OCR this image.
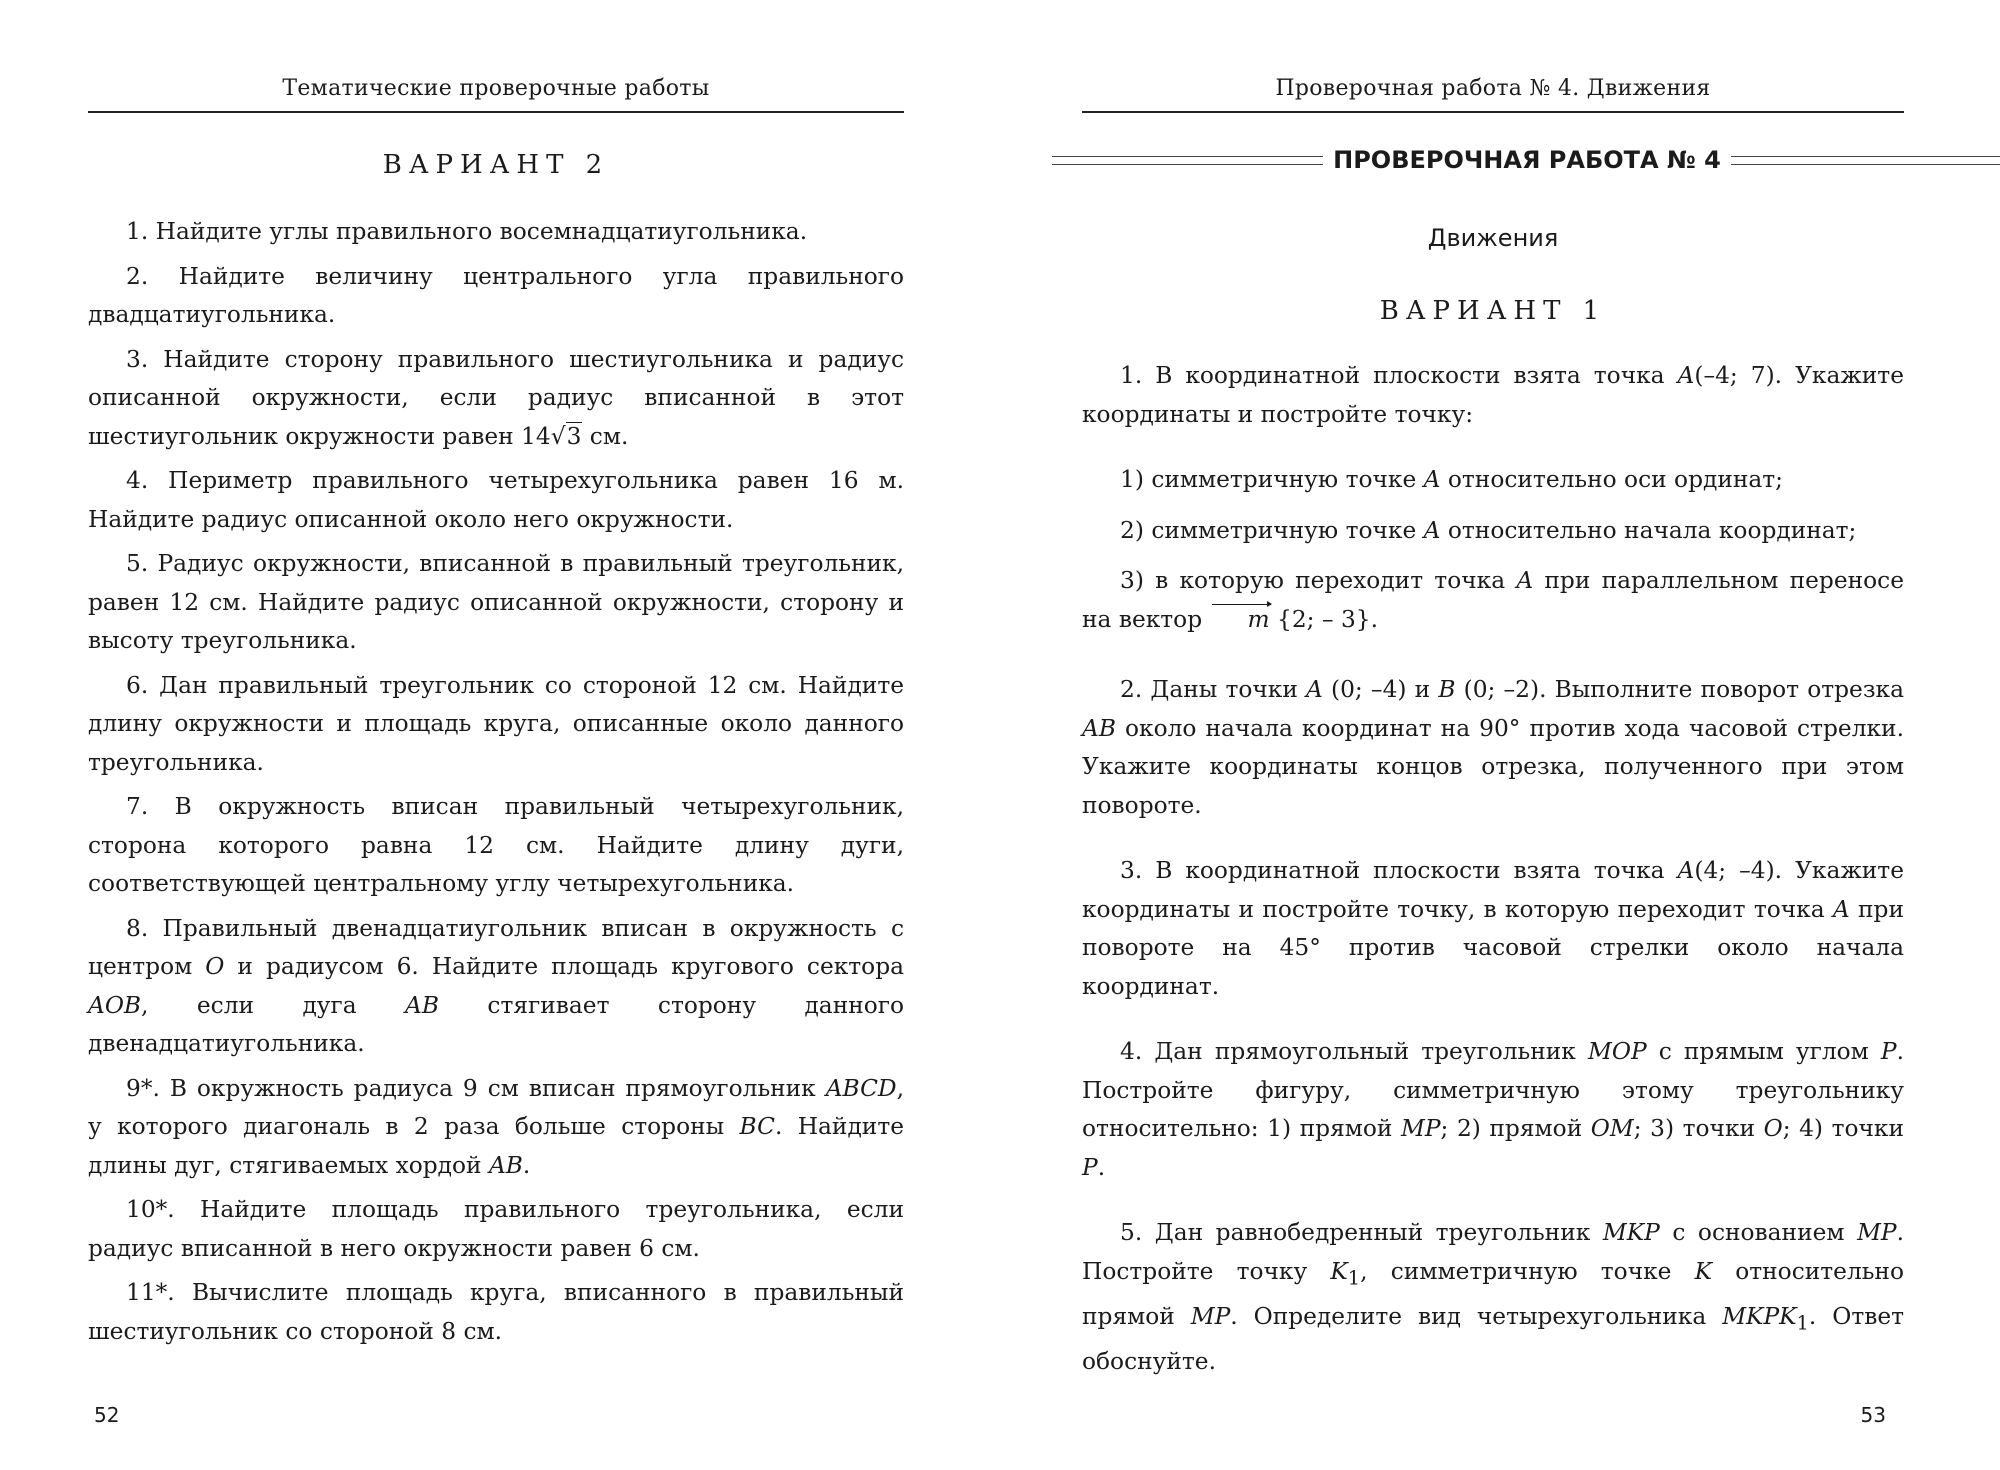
Тематические проверочные работы
ВАРИАНТ 2

1. Найдите углы правильного восемнадцатиугольника.

2. Найдите величину центрального угла правильного двадцатиугольника.

3. Найдите сторону правильного шестиугольника и радиус описанной окружности, если радиус вписанной в этот шестиугольник окружности равен 14√3 см.

4. Периметр правильного четырехугольника равен 16 м. Найдите радиус описанной около него окружности.

5. Радиус окружности, вписанной в правильный треугольник, равен 12 см. Найдите радиус описанной окружности, сторону и высоту треугольника.

6. Дан правильный треугольник со стороной 12 см. Найдите длину окружности и площадь круга, описанные около данного треугольника.

7. В окружность вписан правильный четырехугольник, сторона которого равна 12 см. Найдите длину дуги, соответствующей центральному углу четырехугольника.

8. Правильный двенадцатиугольник вписан в окружность с центром O и радиусом 6. Найдите площадь кругового сектора AOB, если дуга AB стягивает сторону данного двенадцатиугольника.

9*. В окружность радиуса 9 см вписан прямоугольник ABCD, у которого диагональ в 2 раза больше стороны BC. Найдите длины дуг, стягиваемых хордой AB.

10*. Найдите площадь правильного треугольника, если радиус вписанной в него окружности равен 6 см.

11*. Вычислите площадь круга, вписанного в правильный шестиугольник со стороной 8 см.

52
Проверочная работа № 4. Движения
ПРОВЕРОЧНАЯ РАБОТА № 4
Движения
ВАРИАНТ 1

1. В координатной плоскости взята точка A(–4; 7). Укажите координаты и постройте точку:

1) симметричную точке A относительно оси ординат;

2) симметричную точке A относительно начала координат;

3) в которую переходит точка A при параллельном переносе на вектор m {2; – 3}.

2. Даны точки A (0; –4) и B (0; –2). Выполните поворот отрезка AB около начала координат на 90° против хода часовой стрелки. Укажите координаты концов отрезка, полученного при этом повороте.

3. В координатной плоскости взята точка A(4; –4). Укажите координаты и постройте точку, в которую переходит точка A при повороте на 45° против часовой стрелки около начала координат.

4. Дан прямоугольный треугольник MOP с прямым углом P. Постройте фигуру, симметричную этому треугольнику относительно: 1) прямой MP; 2) прямой OM; 3) точки O; 4) точки P.

5. Дан равнобедренный треугольник MKP с основанием MP. Постройте точку $K_1$, симметричную точке K относительно прямой MP. Определите вид четырехугольника $MKPK_1$. Ответ обоснуйте.

53
